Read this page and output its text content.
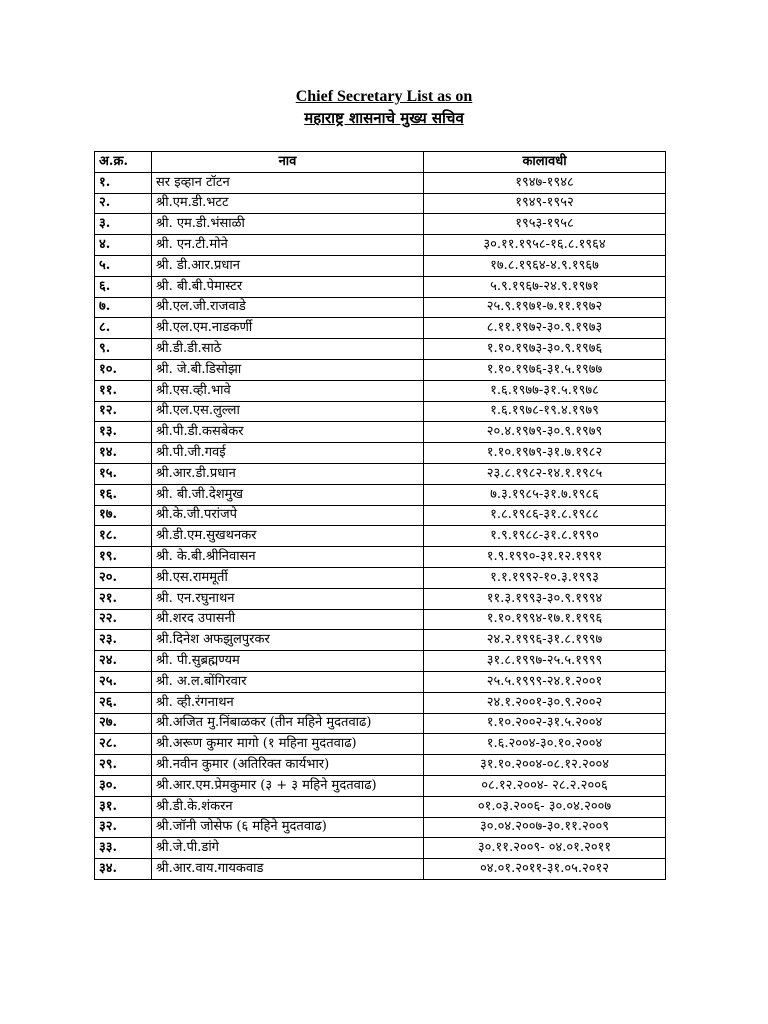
Chief Secretary List as on
महाराष्ट्र शासनाचे मुख्य सचिव
अ.क्र.	नाव	कालावधी
१.	सर इव्हान टॉटन	१९४७-१९४८
२.	श्री.एम.डी.भटट	१९४९-१९५२
३.	श्री. एम.डी.भंसाळी	१९५३-१९५८
४.	श्री. एन.टी.मोने	३०.११.१९५८-१६.८.१९६४
५.	श्री. डी.आर.प्रधान	१७.८.१९६४-४.९.१९६७
६.	श्री. बी.बी.पेमास्टर	५.९.१९६७-२४.९.१९७१
७.	श्री.एल.जी.राजवाडे	२५.९.१९७१-७.११.१९७२
८.	श्री.एल.एम.नाडकर्णी	८.११.१९७२-३०.९.१९७३
९.	श्री.डी.डी.साठे	१.१०.१९७३-३०.९.१९७६
१०.	श्री. जे.बी.डिसोझा	१.१०.१९७६-३१.५.१९७७
११.	श्री.एस.व्ही.भावे	१.६.१९७७-३१.५.१९७८
१२.	श्री.एल.एस.लुल्ला	१.६.१९७८-१९.४.१९७९
१३.	श्री.पी.डी.कसबेकर	२०.४.१९७९-३०.९.१९७९
१४.	श्री.पी.जी.गवई	१.१०.१९७९-३१.७.१९८२
१५.	श्री.आर.डी.प्रधान	२३.८.१९८२-१४.१.१९८५
१६.	श्री. बी.जी.देशमुख	७.३.१९८५-३१.७.१९८६
१७.	श्री.के.जी.परांजपे	१.८.१९८६-३१.८.१९८८
१८.	श्री.डी.एम.सुखथनकर	१.९.१९८८-३१.८.१९९०
१९.	श्री. के.बी.श्रीनिवासन	१.९.१९९०-३१.१२.१९९१
२०.	श्री.एस.राममूर्ती	१.१.१९९२-१०.३.१९९३
२१.	श्री. एन.रघुनाथन	११.३.१९९३-३०.९.१९९४
२२.	श्री.शरद उपासनी	१.१०.१९९४-१७.१.१९९६
२३.	श्री.दिनेश अफझुलपुरकर	२४.२.१९९६-३१.८.१९९७
२४.	श्री. पी.सुब्रह्मण्यम	३१.८.१९९७-२५.५.१९९९
२५.	श्री. अ.ल.बोंगिरवार	२५.५.१९९९-२४.१.२००१
२६.	श्री. व्ही.रंगनाथन	२४.१.२००१-३०.९.२००२
२७.	श्री.अजित मु.निंबाळकर (तीन महिने मुदतवाढ)	१.१०.२००२-३१.५.२००४
२८.	श्री.अरूण कुमार मागो (१ महिना मुदतवाढ)	१.६.२००४-३०.१०.२००४
२९.	श्री.नवीन कुमार (अतिरिक्त कार्यभार)	३१.१०.२००४-०८.१२.२००४
३०.	श्री.आर.एम.प्रेमकुमार (३ + ३ महिने मुदतवाढ)	०८.१२.२००४- २८.२.२००६
३१.	श्री.डी.के.शंकरन	०१.०३.२००६- ३०.०४.२००७
३२.	श्री.जॉनी जोसेफ (६ महिने मुदतवाढ)	३०.०४.२००७-३०.११.२००९
३३.	श्री.जे.पी.डांगे	३०.११.२००९- ०४.०१.२०११
३४.	श्री.आर.वाय.गायकवाड	०४.०१.२०११-३१.०५.२०१२
